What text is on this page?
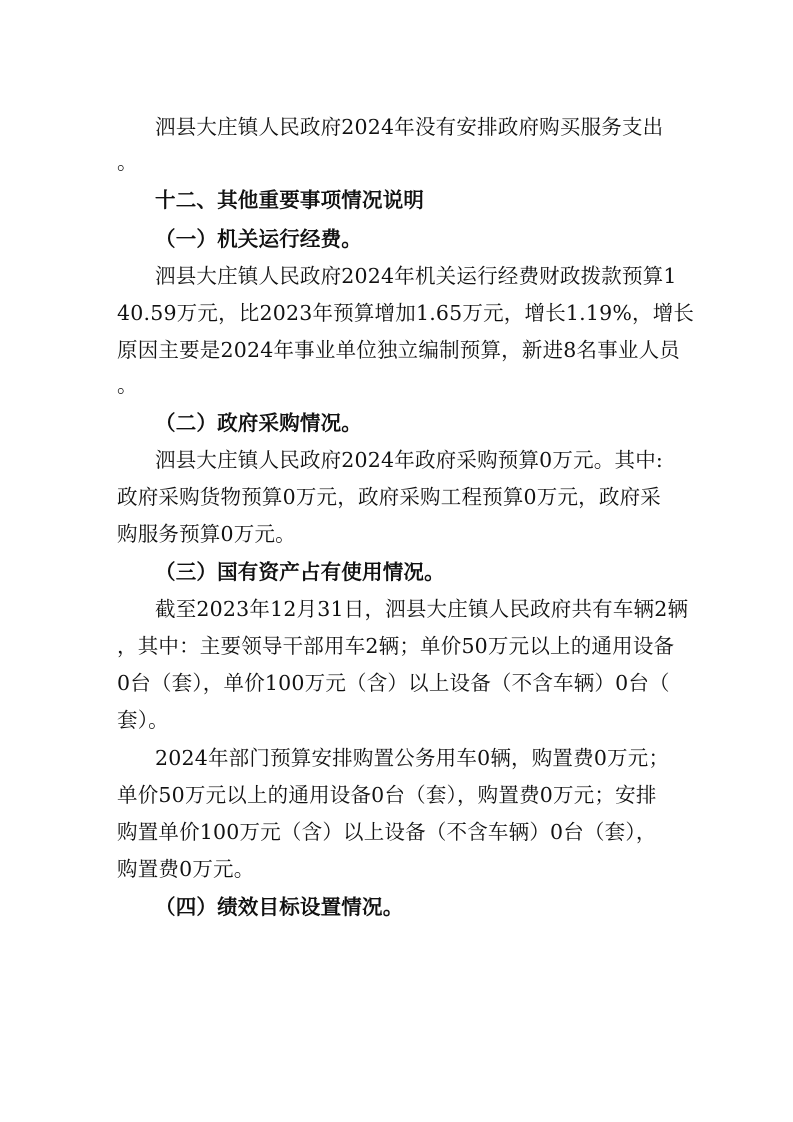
泗县大庄镇人民政府2024年没有安排政府购买服务支出
。
十二、其他重要事项情况说明
（一）机关运行经费。
泗县大庄镇人民政府2024年机关运行经费财政拨款预算1
40.59万元，比2023年预算增加1.65万元，增长1.19%，增长
原因主要是2024年事业单位独立编制预算，新进8名事业人员
。
（二）政府采购情况。
泗县大庄镇人民政府2024年政府采购预算0万元。其中:
政府采购货物预算0万元，政府采购工程预算0万元，政府采
购服务预算0万元。
（三）国有资产占有使用情况。
截至2023年12月31日，泗县大庄镇人民政府共有车辆2辆
，其中：主要领导干部用车2辆；单价50万元以上的通用设备
0台（套），单价100万元（含）以上设备（不含车辆）0台（
套）。
2024年部门预算安排购置公务用车0辆，购置费0万元；
单价50万元以上的通用设备0台（套），购置费0万元；安排
购置单价100万元（含）以上设备（不含车辆）0台（套），
购置费0万元。
（四）绩效目标设置情况。
